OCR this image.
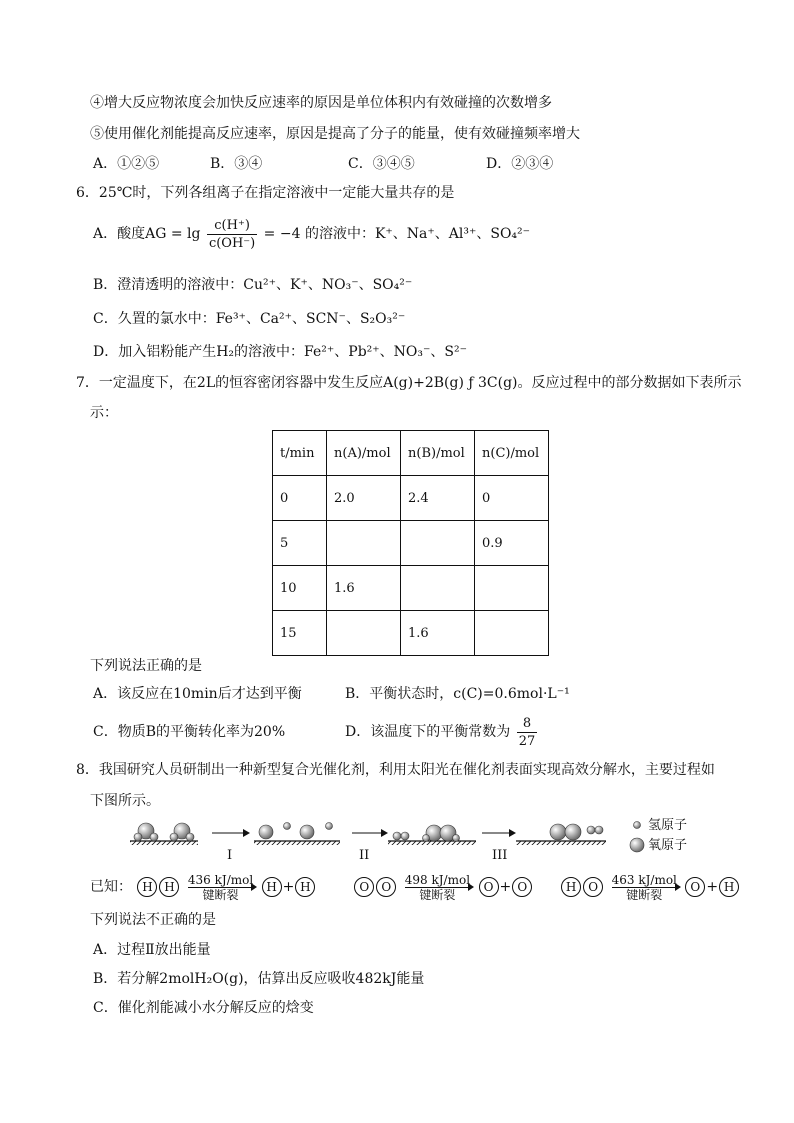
④增大反应物浓度会加快反应速率的原因是单位体积内有效碰撞的次数增多
⑤使用催化剂能提高反应速率，原因是提高了分子的能量，使有效碰撞频率增大
A．①②⑤	B．③④	C．③④⑤	D．②③④
6．25℃时，下列各组离子在指定溶液中一定能大量共存的是
A．酸度AG = $\lg \frac{c(H^+)}{c(OH^-)} = -4$ 的溶液中：K⁺、Na⁺、Al³⁺、SO₄²⁻
B．澄清透明的溶液中：Cu²⁺、K⁺、NO₃⁻、SO₄²⁻
C．久置的氯水中：Fe³⁺、Ca²⁺、SCN⁻、S₂O₃²⁻
D．加入铝粉能产生H₂的溶液中：Fe²⁺、Pb²⁺、NO₃⁻、S²⁻
7．一定温度下，在2L的恒容密闭容器中发生反应A(g)+2B(g) ƒ 3C(g)。反应过程中的部分数据如下表所示
示：
t/min	n(A)/mol	n(B)/mol	n(C)/mol
0	2.0	2.4	0
5			0.9
10	1.6		
15		1.6	
下列说法正确的是
A．该反应在10min后才达到平衡	B．平衡状态时，c(C)=0.6mol·L⁻¹
C．物质B的平衡转化率为20%	D．该温度下的平衡常数为 $\frac{8}{27}$
8．我国研究人员研制出一种新型复合光催化剂，利用太阳光在催化剂表面实现高效分解水，主要过程如
下图所示。
I	II	III
氢原子
氧原子
已知： H H
436 kJ/mol
键断裂
H + H	O O
498 kJ/mol
键断裂
O + O	H O
463 kJ/mol
键断裂
O + H
下列说法不正确的是
A．过程Ⅱ放出能量
B．若分解2molH₂O(g)，估算出反应吸收482kJ能量
C．催化剂能减小水分解反应的焓变
